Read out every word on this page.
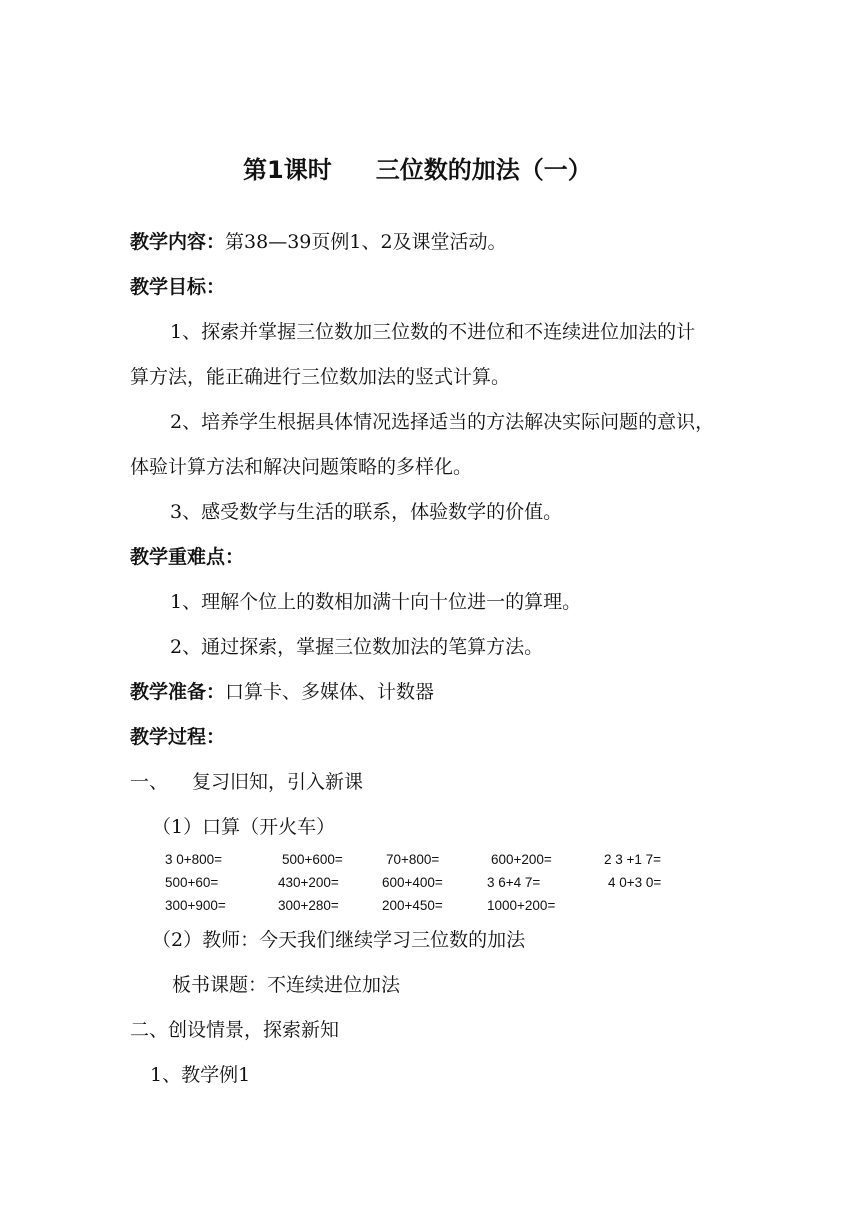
第1课时 三位数的加法（一）
教学内容：第38—39页例1、2及课堂活动。
教学目标：
1、探索并掌握三位数加三位数的不进位和不连续进位加法的计
算方法，能正确进行三位数加法的竖式计算。
2、培养学生根据具体情况选择适当的方法解决实际问题的意识，
体验计算方法和解决问题策略的多样化。
3、感受数学与生活的联系，体验数学的价值。
教学重难点：
1、理解个位上的数相加满十向十位进一的算理。
2、通过探索，掌握三位数加法的笔算方法。
教学准备：口算卡、多媒体、计数器
教学过程：
一、 复习旧知，引入新课
（1）口算（开火车）
3 0+800=	500+600=	70+800=	600+200=	2 3 +1 7=
500+60=	430+200=	600+400=	3 6+4 7=	4 0+3 0=
300+900=	300+280=	200+450=	1000+200=
（2）教师：今天我们继续学习三位数的加法
板书课题：不连续进位加法
二、创设情景，探索新知
1、教学例1
